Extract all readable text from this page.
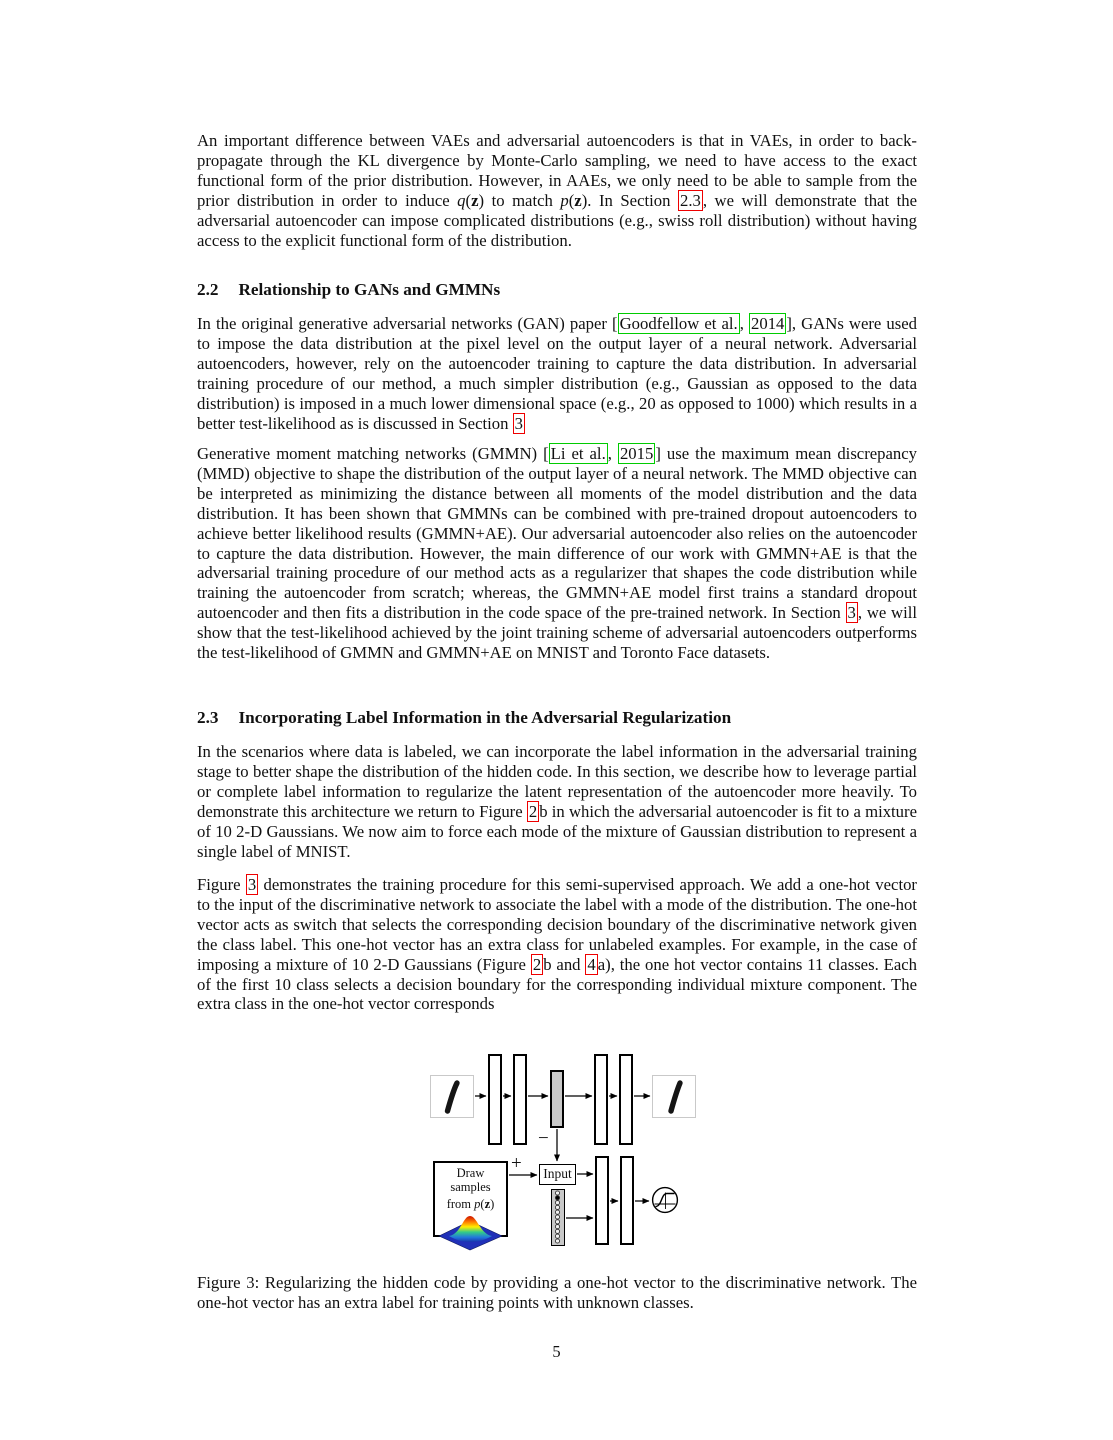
An important difference between VAEs and adversarial autoencoders is that in VAEs, in order to back-propagate through the KL divergence by Monte-Carlo sampling, we need to have access to the exact functional form of the prior distribution. However, in AAEs, we only need to be able to sample from the prior distribution in order to induce q(z) to match p(z). In Section 2.3 , we will demonstrate that the adversarial autoencoder can impose complicated distributions (e.g., swiss roll distribution) without having access to the explicit functional form of the distribution.

2.2 Relationship to GANs and GMMNs

In the original generative adversarial networks (GAN) paper [ Goodfellow et al. , 2014 ], GANs were used to impose the data distribution at the pixel level on the output layer of a neural network. Adversarial autoencoders, however, rely on the autoencoder training to capture the data distribution. In adversarial training procedure of our method, a much simpler distribution (e.g., Gaussian as opposed to the data distribution) is imposed in a much lower dimensional space (e.g., 20 as opposed to 1000) which results in a better test-likelihood as is discussed in Section 3

Generative moment matching networks (GMMN) [ Li et al. , 2015 ] use the maximum mean discrepancy (MMD) objective to shape the distribution of the output layer of a neural network. The MMD objective can be interpreted as minimizing the distance between all moments of the model distribution and the data distribution. It has been shown that GMMNs can be combined with pre-trained dropout autoencoders to achieve better likelihood results (GMMN+AE). Our adversarial autoencoder also relies on the autoencoder to capture the data distribution. However, the main difference of our work with GMMN+AE is that the adversarial training procedure of our method acts as a regularizer that shapes the code distribution while training the autoencoder from scratch; whereas, the GMMN+AE model first trains a standard dropout autoencoder and then fits a distribution in the code space of the pre-trained network. In Section 3 , we will show that the test-likelihood achieved by the joint training scheme of adversarial autoencoders outperforms the test-likelihood of GMMN and GMMN+AE on MNIST and Toronto Face datasets.

2.3 Incorporating Label Information in the Adversarial Regularization

In the scenarios where data is labeled, we can incorporate the label information in the adversarial training stage to better shape the distribution of the hidden code. In this section, we describe how to leverage partial or complete label information to regularize the latent representation of the autoencoder more heavily. To demonstrate this architecture we return to Figure 2 b in which the adversarial autoencoder is fit to a mixture of 10 2-D Gaussians. We now aim to force each mode of the mixture of Gaussian distribution to represent a single label of MNIST.

Figure 3 demonstrates the training procedure for this semi-supervised approach. We add a one-hot vector to the input of the discriminative network to associate the label with a mode of the distribution. The one-hot vector acts as switch that selects the corresponding decision boundary of the discriminative network given the class label. This one-hot vector has an extra class for unlabeled examples. For example, in the case of imposing a mixture of 10 2-D Gaussians (Figure 2 b and 4 a), the one hot vector contains 11 classes. Each of the first 10 class selects a decision boundary for the corresponding individual mixture component. The extra class in the one-hot vector corresponds

Draw samples
from p(z)
+
−
Input

Figure 3: Regularizing the hidden code by providing a one-hot vector to the discriminative network. The one-hot vector has an extra label for training points with unknown classes.

5
